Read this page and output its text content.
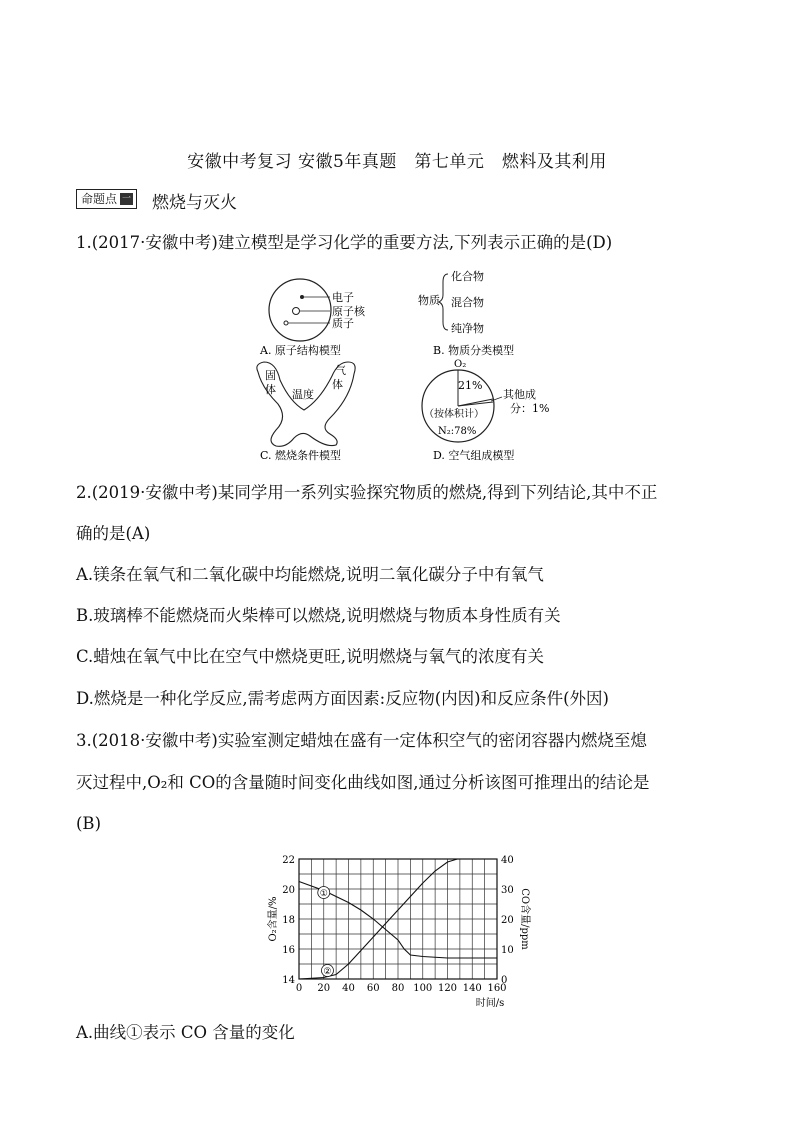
安徽中考复习 安徽5年真题　第七单元　燃料及其利用
命题点 一 燃烧与灭火
1.(2017·安徽中考)建立模型是学习化学的重要方法,下列表示正确的是(D)
电子
原子核
质子
A. 原子结构模型
物质
化合物
混合物
纯净物
B. 物质分类模型
固
体
气
体
温度
C. 燃烧条件模型
O₂
21%
其他成
分：1%
（按体积计）
N₂:78%
D. 空气组成模型
2.(2019·安徽中考)某同学用一系列实验探究物质的燃烧,得到下列结论,其中不正
确的是(A)
A.镁条在氧气和二氧化碳中均能燃烧,说明二氧化碳分子中有氧气
B.玻璃棒不能燃烧而火柴棒可以燃烧,说明燃烧与物质本身性质有关
C.蜡烛在氧气中比在空气中燃烧更旺,说明燃烧与氧气的浓度有关
D.燃烧是一种化学反应,需考虑两方面因素:反应物(内因)和反应条件(外因)
3.(2018·安徽中考)实验室测定蜡烛在盛有一定体积空气的密闭容器内燃烧至熄
灭过程中,O₂和 CO的含量随时间变化曲线如图,通过分析该图可推理出的结论是
(B)
0 20 40 60 80 100 120 140 160
14
16
18
20
22
0
10
20
30
40
①
②
O₂含量/%	CO含量/ppm
时间/s
A.曲线①表示 CO 含量的变化
